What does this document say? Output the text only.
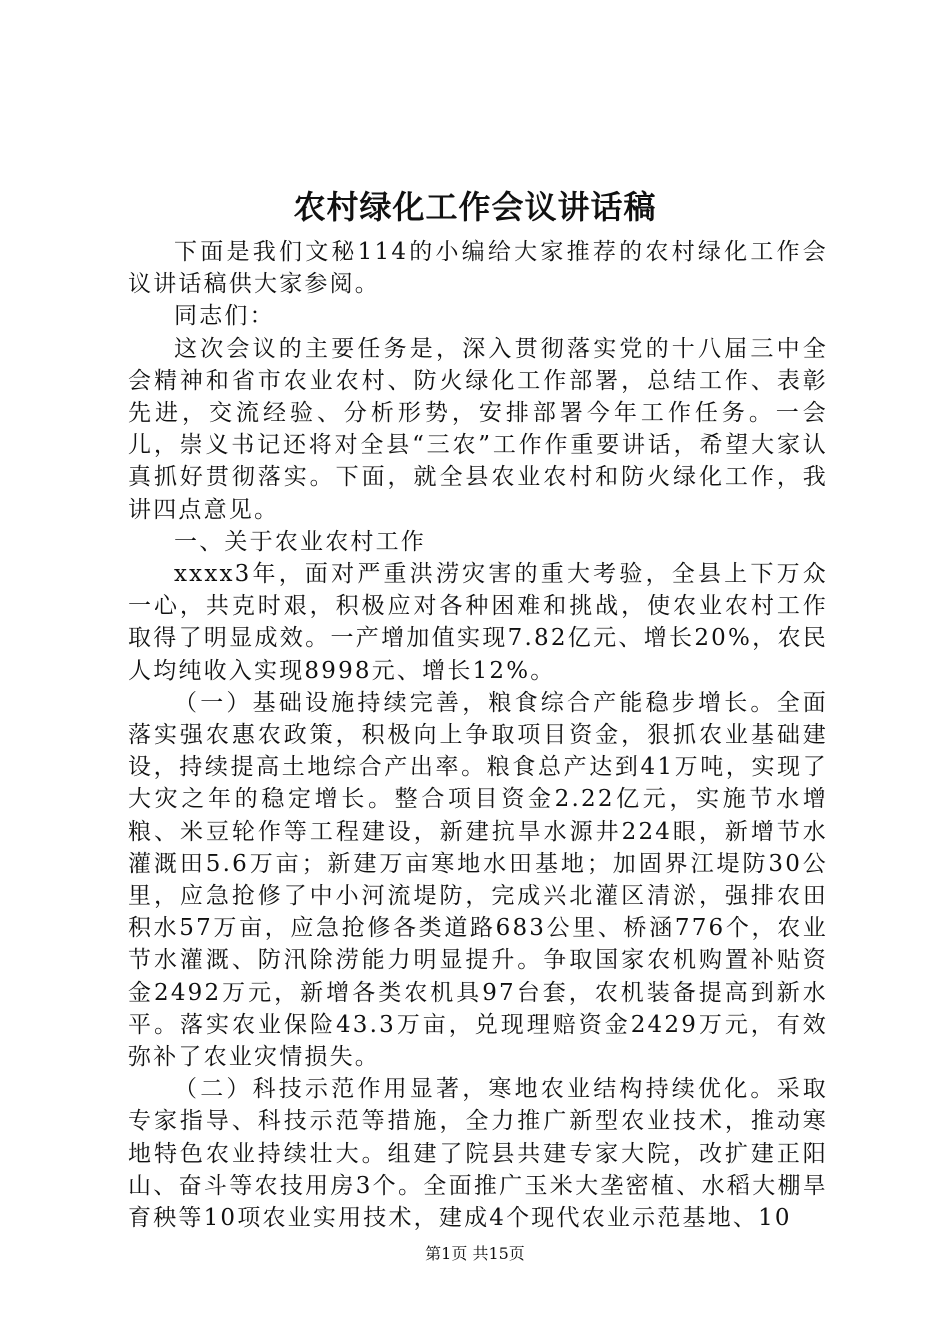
农村绿化工作会议讲话稿

下面是我们文秘114的小编给大家推荐的农村绿化工作会议讲话稿供大家参阅。

同志们：

这次会议的主要任务是，深入贯彻落实党的十八届三中全会精神和省市农业农村、防火绿化工作部署，总结工作、表彰先进，交流经验、分析形势，安排部署今年工作任务。一会儿，崇义书记还将对全县“三农”工作作重要讲话，希望大家认真抓好贯彻落实。下面，就全县农业农村和防火绿化工作，我讲四点意见。

一、关于农业农村工作

xxxx3年，面对严重洪涝灾害的重大考验，全县上下万众一心，共克时艰，积极应对各种困难和挑战，使农业农村工作取得了明显成效。一产增加值实现7.82亿元、增长20%，农民人均纯收入实现8998元、增长12%。

（一）基础设施持续完善，粮食综合产能稳步增长。全面落实强农惠农政策，积极向上争取项目资金，狠抓农业基础建设，持续提高土地综合产出率。粮食总产达到41万吨，实现了大灾之年的稳定增长。整合项目资金2.22亿元，实施节水增粮、米豆轮作等工程建设，新建抗旱水源井224眼，新增节水灌溉田5.6万亩；新建万亩寒地水田基地；加固界江堤防30公里，应急抢修了中小河流堤防，完成兴北灌区清淤，强排农田积水57万亩，应急抢修各类道路683公里、桥涵776个，农业节水灌溉、防汛除涝能力明显提升。争取国家农机购置补贴资金2492万元，新增各类农机具97台套，农机装备提高到新水平。落实农业保险43.3万亩，兑现理赔资金2429万元，有效弥补了农业灾情损失。

（二）科技示范作用显著，寒地农业结构持续优化。采取专家指导、科技示范等措施，全力推广新型农业技术，推动寒地特色农业持续壮大。组建了院县共建专家大院，改扩建正阳山、奋斗等农技用房3个。全面推广玉米大垄密植、水稻大棚旱育秧等10项农业实用技术，建成4个现代农业示范基地、10

第1页 共15页
